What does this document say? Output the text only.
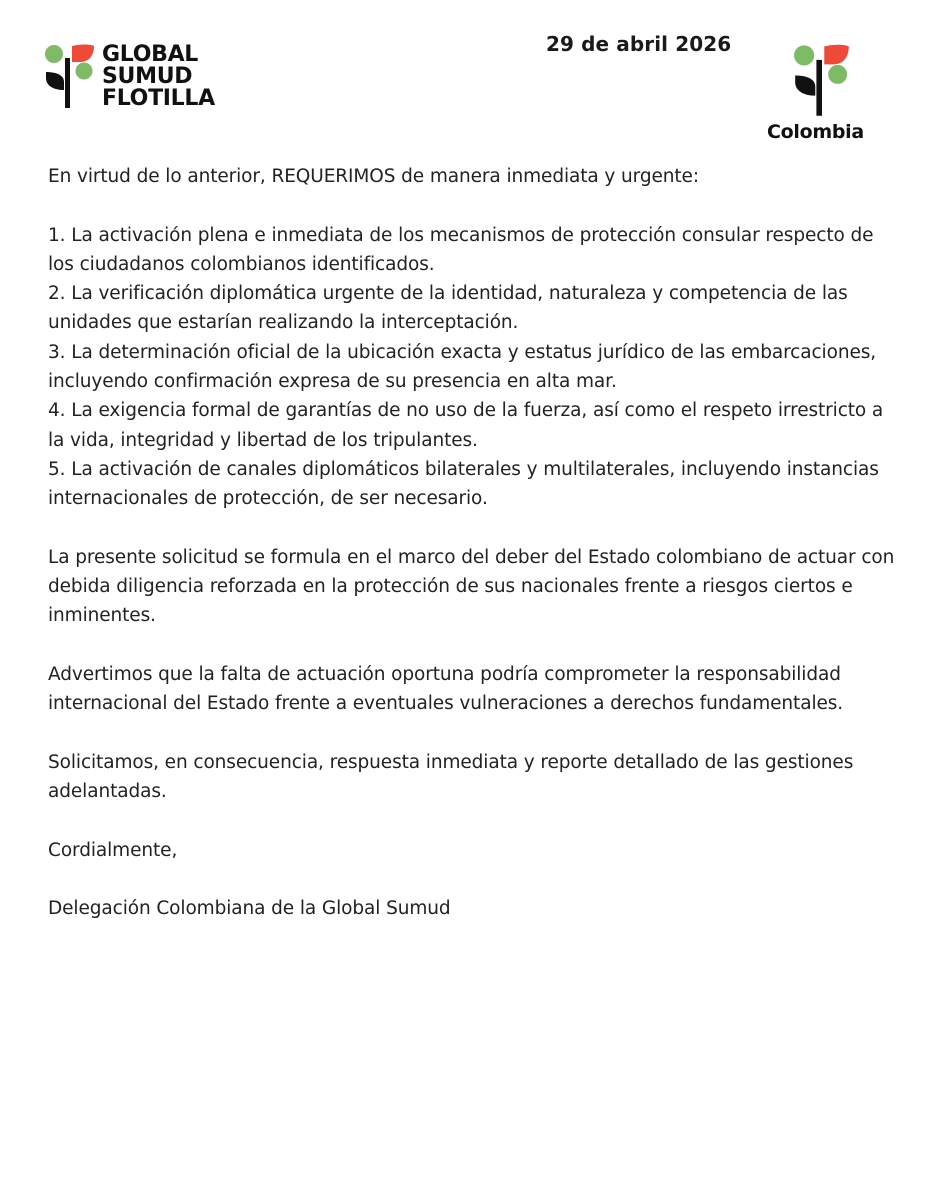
GLOBAL
SUMUD
FLOTILLA
29 de abril 2026
Colombia

En virtud de lo anterior, REQUERIMOS de manera inmediata y urgente:

1. La activación plena e inmediata de los mecanismos de protección consular respecto de los ciudadanos colombianos identificados.

2. La verificación diplomática urgente de la identidad, naturaleza y competencia de las unidades que estarían realizando la interceptación.

3. La determinación oficial de la ubicación exacta y estatus jurídico de las embarcaciones, incluyendo confirmación expresa de su presencia en alta mar.

4. La exigencia formal de garantías de no uso de la fuerza, así como el respeto irrestricto a la vida, integridad y libertad de los tripulantes.

5. La activación de canales diplomáticos bilaterales y multilaterales, incluyendo instancias internacionales de protección, de ser necesario.

La presente solicitud se formula en el marco del deber del Estado colombiano de actuar con debida diligencia reforzada en la protección de sus nacionales frente a riesgos ciertos e inminentes.

Advertimos que la falta de actuación oportuna podría comprometer la responsabilidad internacional del Estado frente a eventuales vulneraciones a derechos fundamentales.

Solicitamos, en consecuencia, respuesta inmediata y reporte detallado de las gestiones adelantadas.

Cordialmente,

Delegación Colombiana de la Global Sumud
